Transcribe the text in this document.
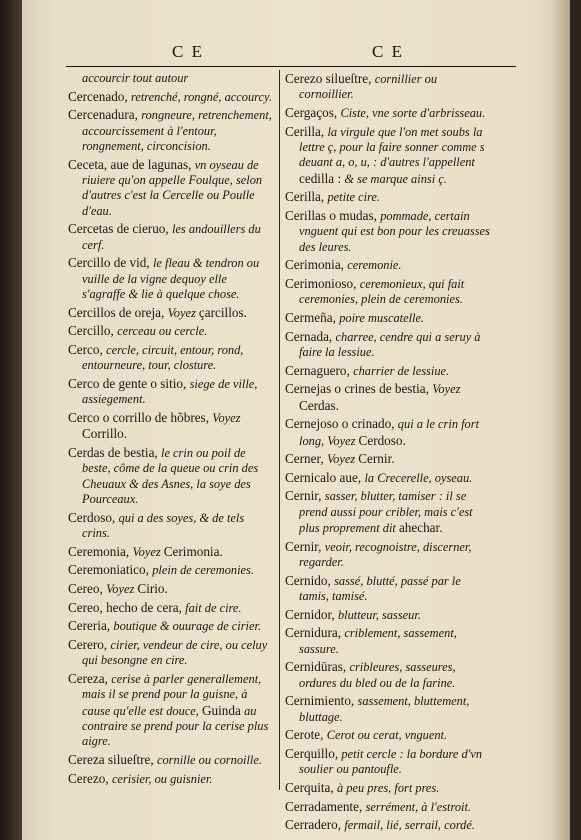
C E	C E

accourcir tout autour

Cercenado, retrenché, rongné, accourcy.

Cercenadura, rongneure, retrenchement, accourcissement à l'entour, rongnement, circoncision.

Ceceta, aue de lagunas, vn oyseau de riuiere qu'on appelle Foulque, selon d'autres c'est la Cercelle ou Poulle d'eau.

Cercetas de cieruo, les andouillers du cerf.

Cercillo de vid, le fleau & tendron ou vuille de la vigne dequoy elle s'agraffe & lie à quelque chose.

Cercillos de oreja, Voyez çarcillos.

Cercillo, cerceau ou cercle.

Cerco, cercle, circuit, entour, rond, entourneure, tour, closture.

Cerco de gente o sitio, siege de ville, assiegement.

Cerco o corrillo de hõbres, Voyez Corrillo.

Cerdas de bestia, le crin ou poil de beste, côme de la queue ou crin des Cheuaux & des Asnes, la soye des Pourceaux.

Cerdoso, qui a des soyes, & de tels crins.

Ceremonia, Voyez Cerimonia.

Ceremoniatico, plein de ceremonies.

Cereo, Voyez Cirio.

Cereo, hecho de cera, fait de cire.

Cereria, boutique & ouurage de cirier.

Cerero, cirier, vendeur de cire, ou celuy qui besongne en cire.

Cereza, cerise à parler generallement, mais il se prend pour la guisne, à cause qu'elle est douce, Guinda au contraire se prend pour la cerise plus aigre.

Cereza silueſtre, cornille ou cornoille.

Cerezo, cerisier, ou guisnier.

Cerezo silueſtre, cornillier ou cornoillier.

Cergaços, Ciste, vne sorte d'arbrisseau.

Cerilla, la virgule que l'on met soubs la lettre ç, pour la faire sonner comme s deuant a, o, u, : d'autres l'appellent cedilla : & se marque ainsi ç.

Cerilla, petite cire.

Cerillas o mudas, pommade, certain vnguent qui est bon pour les creuasses des leures.

Cerimonia, ceremonie.

Cerimonioso, ceremonieux, qui fait ceremonies, plein de ceremonies.

Cermeña, poire muscatelle.

Cernada, charree, cendre qui a seruy à faire la lessiue.

Cernaguero, charrier de lessiue.

Cernejas o crines de bestia, Voyez Cerdas.

Cernejoso o crinado, qui a le crin fort long, Voyez Cerdoso.

Cerner, Voyez Cernir.

Cernicalo aue, la Crecerelle, oyseau.

Cernir, sasser, blutter, tamiser : il se prend aussi pour cribler, mais c'est plus proprement dit ahechar.

Cernir, veoir, recognoistre, discerner, regarder.

Cernido, sassé, blutté, passé par le tamis, tamisé.

Cernidor, blutteur, sasseur.

Cernidura, criblement, sassement, sassure.

Cernidūras, cribleures, sasseures, ordures du bled ou de la farine.

Cernimiento, sassement, bluttement, bluttage.

Cerote, Cerot ou cerat, vnguent.

Cerquillo, petit cercle : la bordure d'vn soulier ou pantoufle.

Cerquita, à peu pres, fort pres.

Cerradamente, serrément, à l'estroit.

Cerradero, fermail, lié, serrail, cordé.
